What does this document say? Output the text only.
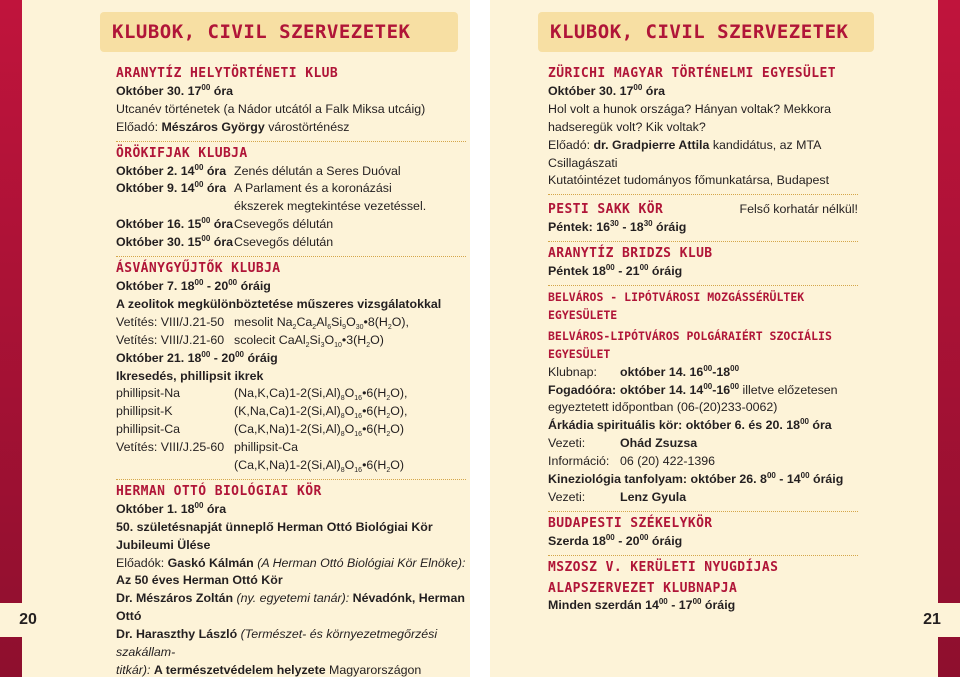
20
KLUBOK, CIVIL SZERVEZETEK
ARANYTÍZ HELYTÖRTÉNETI KLUB
Október 30. $17^{00}$ óra
Utcanév történetek (a Nádor utcától a Falk Miksa utcáig)
Előadó: Mészáros György várostörténész
ÖRÖKIFJAK KLUBJA
Október 2. $14^{00}$ óra Zenés délután a Seres Duóval
Október 9. $14^{00}$ óra A Parlament és a koronázási
ékszerek megtekintése vezetéssel.
Október 16. $15^{00}$ óra Csevegős délután
Október 30. $15^{00}$ óra Csevegős délután
ÁSVÁNYGYŰJTŐK KLUBJA
Október 7. $18^{00} - 20^{00}$ óráig
A zeolitok megkülönböztetése műszeres vizsgálatokkal
Vetítés: VIII/J.21-50 mesolit $Na_2Ca_2Al_6Si_9O_{30}•8(H_2O)$,
Vetítés: VIII/J.21-60 scolecit $CaAl_2Si_3O_{10}•3(H_2O)$
Október 21. $18^{00} - 20^{00}$ óráig
Ikresedés, phillipsit ikrek
phillipsit-Na	$(Na,K,Ca)1-2(Si,Al)_8O_{16}•6(H_2O)$,
phillipsit-K	$(K,Na,Ca)1-2(Si,Al)_8O_{16}•6(H_2O)$,
phillipsit-Ca	$(Ca,K,Na)1-2(Si,Al)_8O_{16}•6(H_2O)$
Vetítés: VIII/J.25-60 phillipsit-Ca
$(Ca,K,Na)1-2(Si,Al)_8O_{16}•6(H_2O)$
HERMAN OTTÓ BIOLÓGIAI KÖR
Október 1. $18^{00}$ óra
50. születésnapját ünneplő Herman Ottó Biológiai Kör
Jubileumi Ülése
Előadók: Gaskó Kálmán (A Herman Ottó Biológiai Kör Elnöke):
Az 50 éves Herman Ottó Kör
Dr. Mészáros Zoltán (ny. egyetemi tanár): Névadónk, Herman Ottó
Dr. Haraszthy László (Természet- és környezetmegőrzési szakállam-
titkár): A természetvédelem helyzete Magyarországon
21
KLUBOK, CIVIL SZERVEZETEK
ZÜRICHI MAGYAR TÖRTÉNELMI EGYESÜLET
Október 30. $17^{00}$ óra
Hol volt a hunok országa? Hányan voltak? Mekkora
hadseregük volt? Kik voltak?
Előadó: dr. Gradpierre Attila kandidátus, az MTA Csillagászati
Kutatóintézet tudományos főmunkatársa, Budapest
PESTI SAKK KÖR	Felső korhatár nélkül!
Péntek: $16^{30} - 18^{30}$ óráig
ARANYTÍZ BRIDZS KLUB
Péntek $18^{00} - 21^{00}$ óráig
BELVÁROS - LIPÓTVÁROSI MOZGÁSSÉRÜLTEK EGYESÜLETE
BELVÁROS-LIPÓTVÁROS POLGÁRAIÉRT SZOCIÁLIS EGYESÜLET
Klubnap:	október 14. $16^{00}-18^{00}$
Fogadóóra: október 14. $14^{00}-16^{00}$ illetve előzetesen
egyeztetett időpontban (06-(20)233-0062)
Árkádia spirituális kör: október 6. és 20. $18^{00}$ óra
Vezeti:	Ohád Zsuzsa
Információ: 06 (20) 422-1396
Kineziológia tanfolyam: október 26. $8^{00} - 14^{00}$ óráig
Vezeti:	Lenz Gyula
BUDAPESTI SZÉKELYKÖR
Szerda $18^{00} - 20^{00}$ óráig
MSZOSZ V. KERÜLETI NYUGDÍJAS
ALAPSZERVEZET KLUBNAPJA
Minden szerdán $14^{00} - 17^{00}$ óráig
